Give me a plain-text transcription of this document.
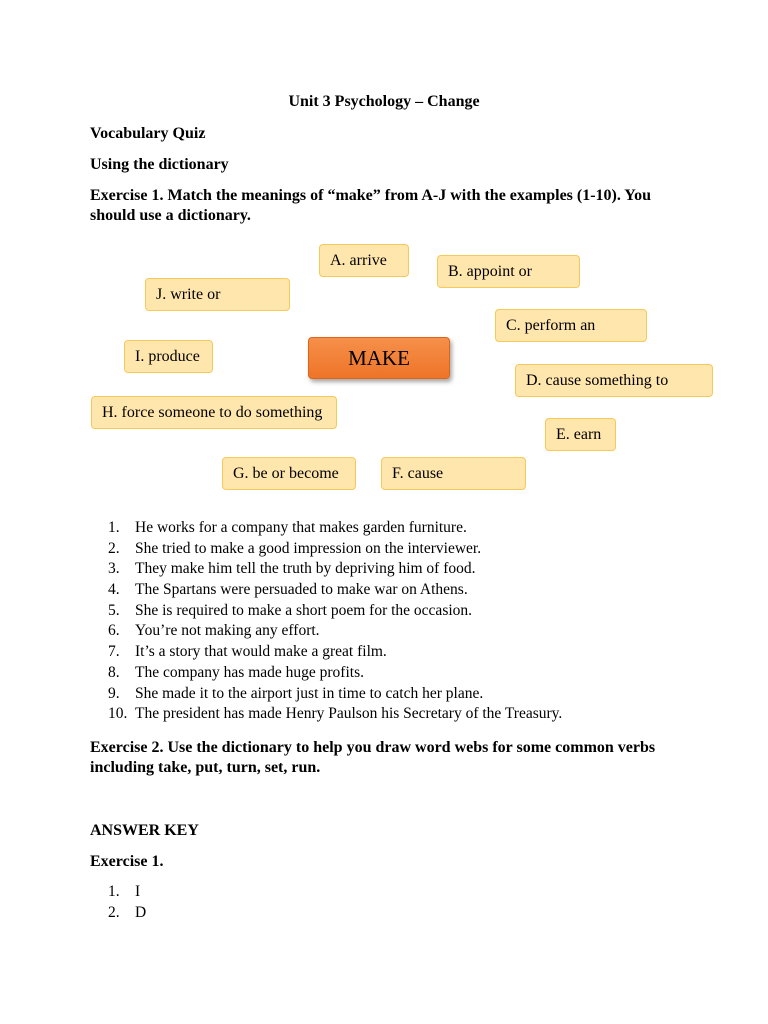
Unit 3 Psychology – Change
Vocabulary Quiz
Using the dictionary
Exercise 1. Match the meanings of “make” from A-J with the examples (1-10). You
should use a dictionary.
A. arrive
B. appoint or
J. write or
C. perform an
I. produce	MAKE
D. cause something to
H. force someone to do something
E. earn
G. be or become	F. cause
1. He works for a company that makes garden furniture.
2. She tried to make a good impression on the interviewer.
3. They make him tell the truth by depriving him of food.
4. The Spartans were persuaded to make war on Athens.
5. She is required to make a short poem for the occasion.
6. You’re not making any effort.
7. It’s a story that would make a great film.
8. The company has made huge profits.
9. She made it to the airport just in time to catch her plane.
10. The president has made Henry Paulson his Secretary of the Treasury.
Exercise 2. Use the dictionary to help you draw word webs for some common verbs
including take, put, turn, set, run.
ANSWER KEY
Exercise 1.
1. I
2. D
